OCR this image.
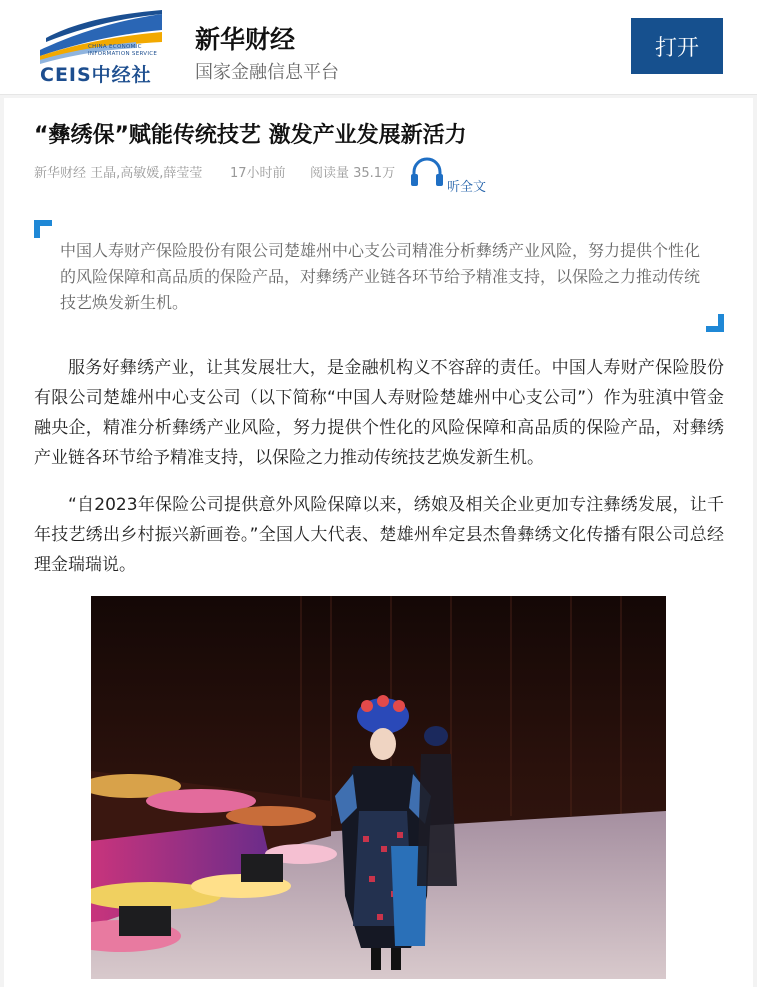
CHINA ECONOMIC
INFORMATION SERVICE
CEIS中经社
新华财经
国家金融信息平台
打开
“彝绣保”赋能传统技艺 激发产业发展新活力
新华财经 王晶,高敏媛,薛莹莹 17小时前 阅读量 35.1万
听全文
中国人寿财产保险股份有限公司楚雄州中心支公司精准分析彝绣产业风险，努力提供个性化的风险保障和高品质的保险产品，对彝绣产业链各环节给予精准支持，以保险之力推动传统技艺焕发新生机。

服务好彝绣产业，让其发展壮大，是金融机构义不容辞的责任。中国人寿财产保险股份有限公司楚雄州中心支公司（以下简称“中国人寿财险楚雄州中心支公司”）作为驻滇中管金融央企，精准分析彝绣产业风险，努力提供个性化的风险保障和高品质的保险产品，对彝绣产业链各环节给予精准支持，以保险之力推动传统技艺焕发新生机。

“自2023年保险公司提供意外风险保障以来，绣娘及相关企业更加专注彝绣发展，让千年技艺绣出乡村振兴新画卷。”全国人大代表、楚雄州牟定县杰鲁彝绣文化传播有限公司总经理金瑞瑞说。
